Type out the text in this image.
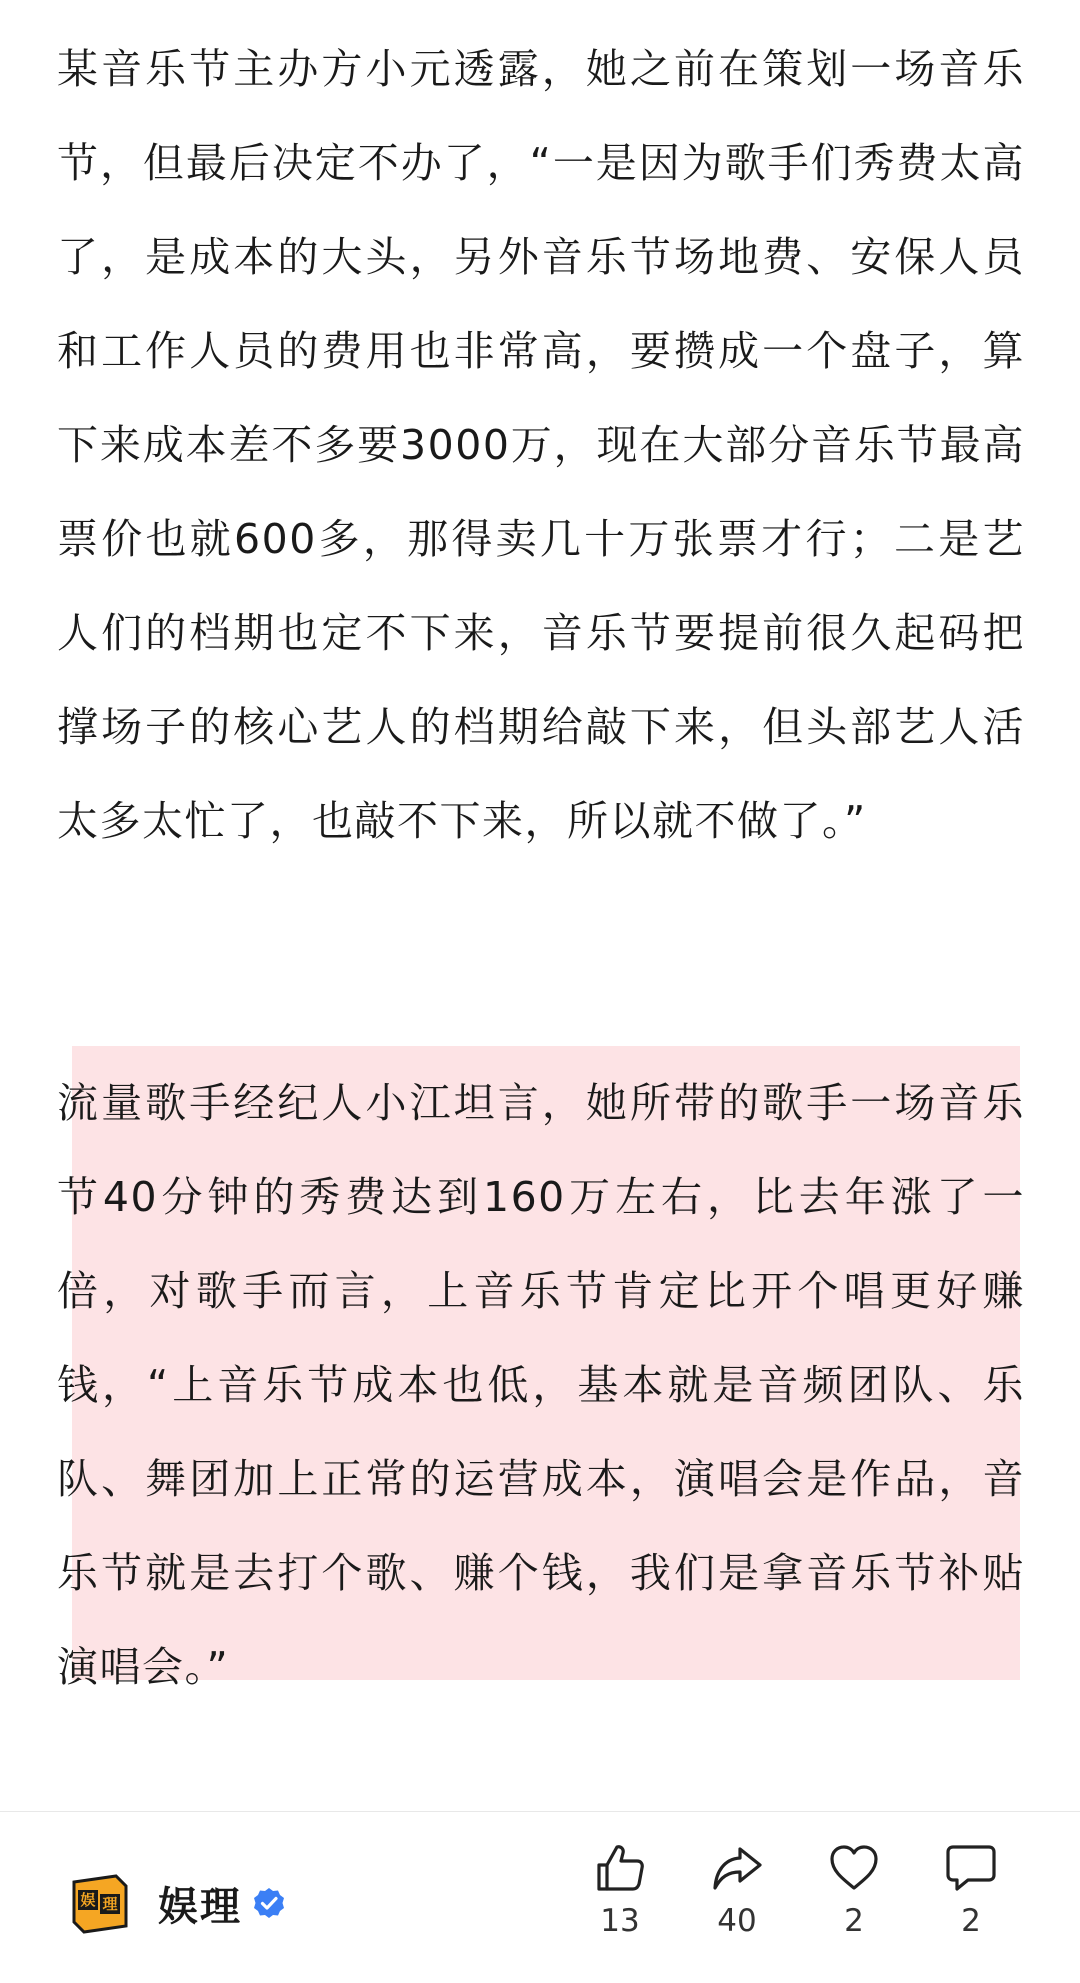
某音乐节主办方小元透露，她之前在策划一场音乐节，但最后决定不办了，“一是因为歌手们秀费太高了，是成本的大头，另外音乐节场地费、安保人员和工作人员的费用也非常高，要攒成一个盘子，算下来成本差不多要3000万，现在大部分音乐节最高票价也就600多，那得卖几十万张票才行；二是艺人们的档期也定不下来，音乐节要提前很久起码把撑场子的核心艺人的档期给敲下来，但头部艺人活太多太忙了，也敲不下来，所以就不做了。”

流量歌手经纪人小江坦言，她所带的歌手一场音乐节40分钟的秀费达到160万左右，比去年涨了一倍，对歌手而言，上音乐节肯定比开个唱更好赚钱，“上音乐节成本也低，基本就是音频团队、乐队、舞团加上正常的运营成本，演唱会是作品，音乐节就是去打个歌、赚个钱，我们是拿音乐节补贴演唱会。”

娱 理 娱理	13	40	2	2
